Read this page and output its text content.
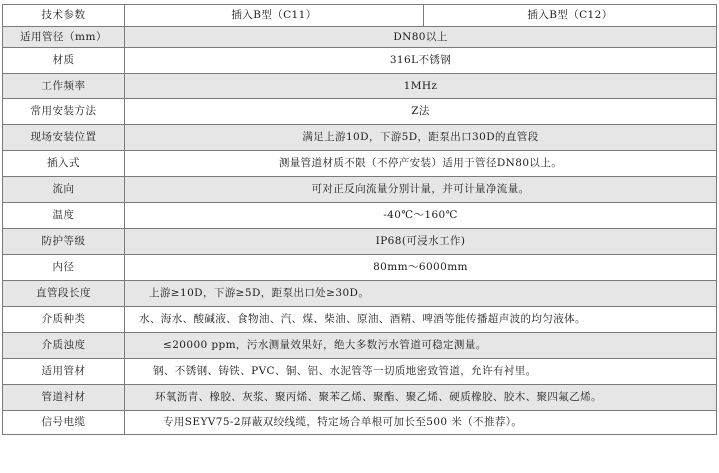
技术参数	插入B型（C11）	插入B型（C12）
适用管径（mm）	DN80以上	
材质	316L不锈钢	
工作频率	1MHz	
常用安装方法	Z法	
现场安装位置	满足上游10D，下游5D，距泵出口30D的直管段	
插入式	测量管道材质不限（不停产安装）适用于管径DN80以上。	
流向	可对正反向流量分别计量，并可计量净流量。	
温度	-40℃～160℃	
防护等级	IP68(可浸水工作)	
内径	80mm～6000mm	
直管段长度	上游≥10D，下游≥5D，距泵出口处≥30D。	
介质种类	水、海水、酸碱液、食物油、汽、煤、柴油、原油、酒精、啤酒等能传播超声波的均匀液体。	
介质浊度	≤20000 ppm，污水测量效果好，绝大多数污水管道可稳定测量。	
适用管材	钢、不锈钢、铸铁、PVC、铜、铝、水泥管等一切质地密致管道，允许有衬里。	
管道衬材	环氧沥青、橡胶、灰浆、聚丙烯、聚苯乙烯、聚酯、聚乙烯、硬质橡胶、胶木、聚四氟乙烯。	
信号电缆	专用SEYV75-2屏蔽双绞线缆，特定场合单根可加长至500 米（不推荐）。	
